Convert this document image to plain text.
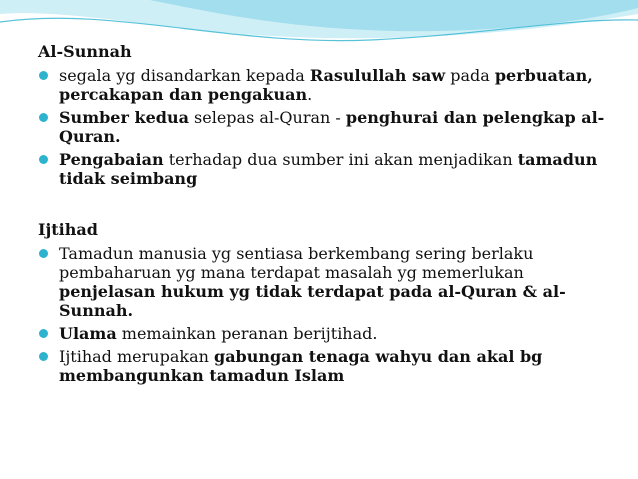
Al-Sunnah

segala yg disandarkan kepada Rasulullah saw pada perbuatan, percakapan dan pengakuan.
Sumber kedua selepas al-Quran - penghurai dan pelengkap al-Quran.
Pengabaian terhadap dua sumber ini akan menjadikan tamadun tidak seimbang

Ijtihad

Tamadun manusia yg sentiasa berkembang sering berlaku pembaharuan yg mana terdapat masalah yg memerlukan penjelasan hukum yg tidak terdapat pada al-Quran & al-Sunnah.
Ulama memainkan peranan berijtihad.
Ijtihad merupakan gabungan tenaga wahyu dan akal bg membangunkan tamadun Islam
